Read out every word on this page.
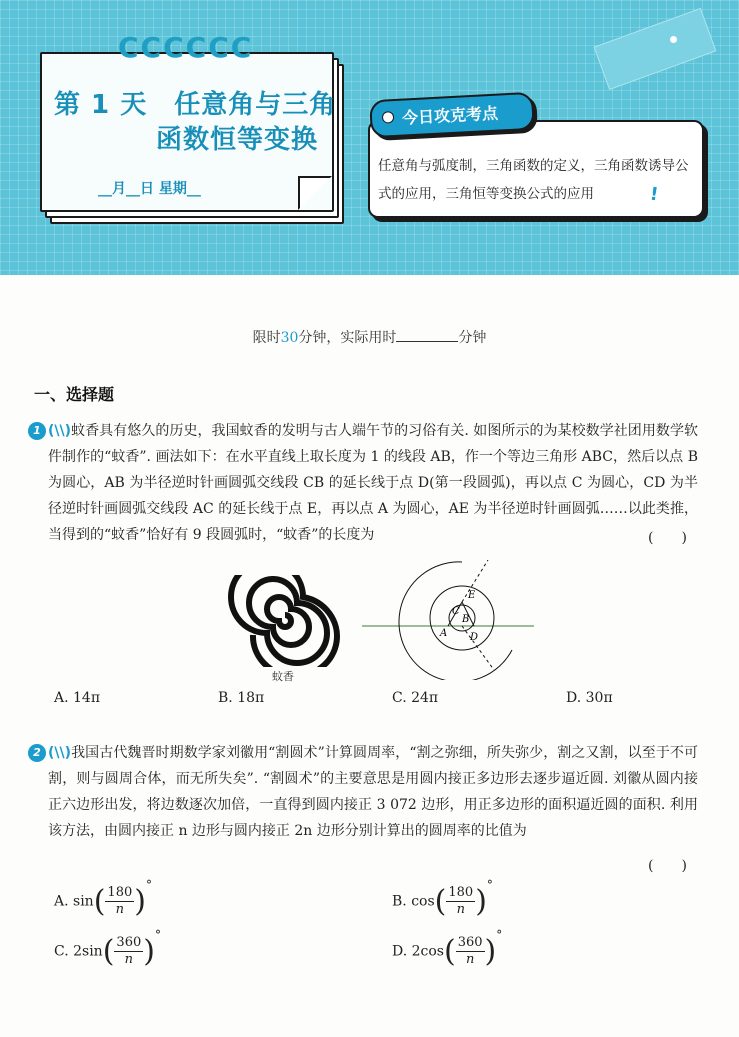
CCCCCC
第 1 天　任意角与三角
函数恒等变换
__月__日 星期__
今日攻克考点
任意角与弧度制，三角函数的定义，三角函数诱导公式的应用，三角恒等变换公式的应用	!
限时30分钟，实际用时	分钟
一、选择题
1 (\\)蚊香具有悠久的历史，我国蚊香的发明与古人端午节的习俗有关. 如图所示的为某校数学社团用数学软件制作的“蚊香”. 画法如下：在水平直线上取长度为 1 的线段 AB，作一个等边三角形 ABC，然后以点 B 为圆心，AB 为半径逆时针画圆弧交线段 CB 的延长线于点 D(第一段圆弧)，再以点 C 为圆心，CD 为半径逆时针画圆弧交线段 AC 的延长线于点 E，再以点 A 为圆心，AE 为半径逆时针画圆弧……以此类推，当得到的“蚊香”恰好有 9 段圆弧时，“蚊香”的长度为	(　　)
蚊香
E
C
B
A D
A. 14π	B. 18π	C. 24π	D. 30π
2 (\\)我国古代魏晋时期数学家刘徽用“割圆术”计算圆周率，“割之弥细，所失弥少，割之又割，以至于不可割，则与圆周合体，而无所失矣”. “割圆术”的主要意思是用圆内接正多边形去逐步逼近圆. 刘徽从圆内接正六边形出发，将边数逐次加倍，一直得到圆内接正 3 072 边形，用正多边形的面积逼近圆的面积. 利用该方法，由圆内接正 n 边形与圆内接正 2n 边形分别计算出的圆周率的比值为
(　　)
A. $\sin( \frac{180}{n}$ )°
B. $\cos( \frac{180}{n}$ )°
C. $2\sin( \frac{360}{n}$ )°
D. $2\cos( \frac{360}{n}$ )°
